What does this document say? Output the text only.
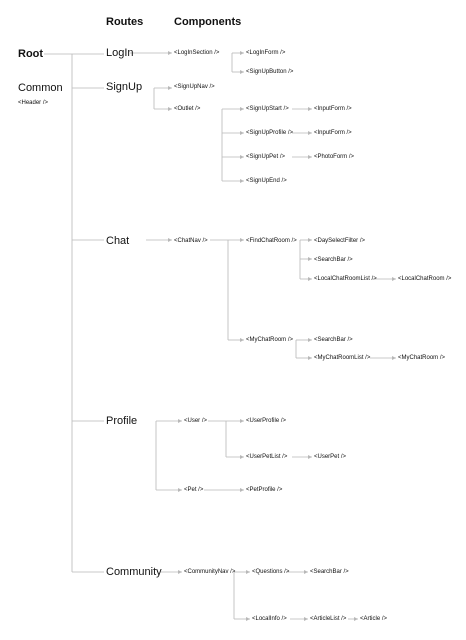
Routes	Components
Root
Common
<Header />
LogIn
SignUp
Chat
Profile
Community
<LogInSection />	<LogInForm />
<SignUpButton />
<SignUpNav />
<Outlet />	<SignUpStart />	<InputForm />
<SignUpProfile />	<InputForm />
<SignUpPet />	<PhotoForm />
<SignUpEnd />
<ChatNav />	<FindChatRoom />	<DaySelectFilter />
<SearchBar />
<LocalChatRoomList />	<LocalChatRoom />
<MyChatRoom />	<SearchBar />
<MyChatRoomList />	<MyChatRoom />
<User />	<UserProfile />
<UserPetList />	<UserPet />
<Pet />	<PetProfile />
<CommunityNav />	<Questions />	<SearchBar />
<LocalInfo />	<ArticleList /> <Article />
